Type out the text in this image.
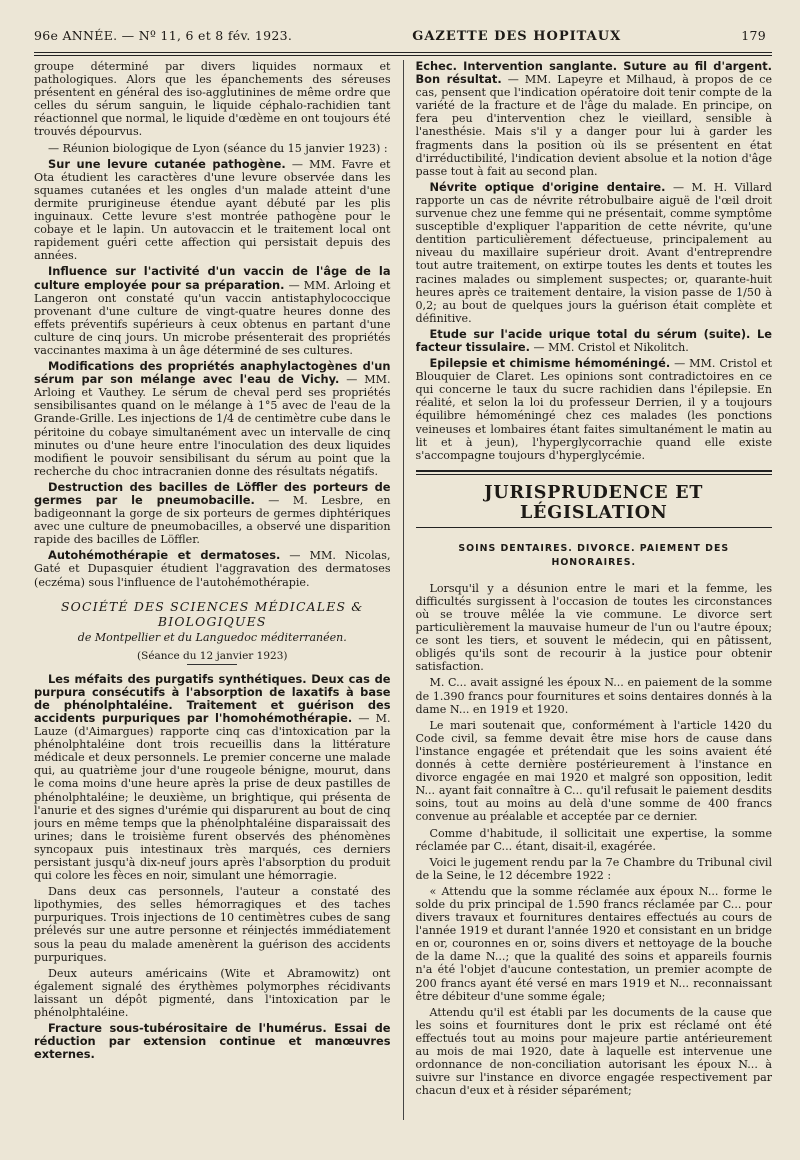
96e ANNÉE. — Nº 11, 6 et 8 fév. 1923.	GAZETTE DES HOPITAUX	179

groupe déterminé par divers liquides normaux et pathologiques. Alors que les épanchements des séreuses présentent en général des iso-agglutinines de même ordre que celles du sérum sanguin, le liquide céphalo-rachidien tant réactionnel que normal, le liquide d'œdème en ont toujours été trouvés dépourvus.

— Réunion biologique de Lyon (séance du 15 janvier 1923) :

Sur une levure cutanée pathogène. — MM. Favre et Ota étudient les caractères d'une levure observée dans les squames cutanées et les ongles d'un malade atteint d'une dermite prurigineuse étendue ayant débuté par les plis inguinaux. Cette levure s'est montrée pathogène pour le cobaye et le lapin. Un autovaccin et le traitement local ont rapidement guéri cette affection qui persistait depuis des années.

Influence sur l'activité d'un vaccin de l'âge de la culture employée pour sa préparation. — MM. Arloing et Langeron ont constaté qu'un vaccin antistaphylococcique provenant d'une culture de vingt-quatre heures donne des effets préventifs supérieurs à ceux obtenus en partant d'une culture de cinq jours. Un microbe présenterait des propriétés vaccinantes maxima à un âge déterminé de ses cultures.

Modifications des propriétés anaphylactogènes d'un sérum par son mélange avec l'eau de Vichy. — MM. Arloing et Vauthey. Le sérum de cheval perd ses propriétés sensibilisantes quand on le mélange à 1°5 avec de l'eau de la Grande-Grille. Les injections de 1/4 de centimètre cube dans le péritoine du cobaye simultanément avec un intervalle de cinq minutes ou d'une heure entre l'inoculation des deux liquides modifient le pouvoir sensibilisant du sérum au point que la recherche du choc intracranien donne des résultats négatifs.

Destruction des bacilles de Löffler des porteurs de germes par le pneumobacille. — M. Lesbre, en badigeonnant la gorge de six porteurs de germes diphtériques avec une culture de pneumobacilles, a observé une disparition rapide des bacilles de Löffler.

Autohémothérapie et dermatoses. — MM. Nicolas, Gaté et Dupasquier étudient l'aggravation des dermatoses (eczéma) sous l'influence de l'autohémothérapie.

SOCIÉTÉ DES SCIENCES MÉDICALES & BIOLOGIQUES
de Montpellier et du Languedoc méditerranéen.
(Séance du 12 janvier 1923)

Les méfaits des purgatifs synthétiques. Deux cas de purpura consécutifs à l'absorption de laxatifs à base de phénolphtaléine. Traitement et guérison des accidents purpuriques par l'homohémothérapie. — M. Lauze (d'Aimargues) rapporte cinq cas d'intoxication par la phénolphtaléine dont trois recueillis dans la littérature médicale et deux personnels. Le premier concerne une malade qui, au quatrième jour d'une rougeole bénigne, mourut, dans le coma moins d'une heure après la prise de deux pastilles de phénolphtaléine; le deuxième, un brightique, qui présenta de l'anurie et des signes d'urémie qui disparurent au bout de cinq jours en même temps que la phénolphtaléine disparaissait des urines; dans le troisième furent observés des phénomènes syncopaux puis intestinaux très marqués, ces derniers persistant jusqu'à dix-neuf jours après l'absorption du produit qui colore les fèces en noir, simulant une hémorragie.

Dans deux cas personnels, l'auteur a constaté des lipothymies, des selles hémorragiques et des taches purpuriques. Trois injections de 10 centimètres cubes de sang prélevés sur une autre personne et réinjectés immédiatement sous la peau du malade amenèrent la guérison des accidents purpuriques.

Deux auteurs américains (Wite et Abramowitz) ont également signalé des érythèmes polymorphes récidivants laissant un dépôt pigmenté, dans l'intoxication par le phénolphtaléine.

Fracture sous-tubérositaire de l'humérus. Essai de réduction par extension continue et manœuvres externes.

Echec. Intervention sanglante. Suture au fil d'argent. Bon résultat. — MM. Lapeyre et Milhaud, à propos de ce cas, pensent que l'indication opératoire doit tenir compte de la variété de la fracture et de l'âge du malade. En principe, on fera peu d'intervention chez le vieillard, sensible à l'anesthésie. Mais s'il y a danger pour lui à garder les fragments dans la position où ils se présentent en état d'irréductibilité, l'indication devient absolue et la notion d'âge passe tout à fait au second plan.

Névrite optique d'origine dentaire. — M. H. Villard rapporte un cas de névrite rétrobulbaire aiguë de l'œil droit survenue chez une femme qui ne présentait, comme symptôme susceptible d'expliquer l'apparition de cette névrite, qu'une dentition particulièrement défectueuse, principalement au niveau du maxillaire supérieur droit. Avant d'entreprendre tout autre traitement, on extirpe toutes les dents et toutes les racines malades ou simplement suspectes; or, quarante-huit heures après ce traitement dentaire, la vision passe de 1/50 à 0,2; au bout de quelques jours la guérison était complète et définitive.

Etude sur l'acide urique total du sérum (suite). Le facteur tissulaire. — MM. Cristol et Nikolitch.

Epilepsie et chimisme hémoméningé. — MM. Cristol et Blouquier de Claret. Les opinions sont contradictoires en ce qui concerne le taux du sucre rachidien dans l'épilepsie. En réalité, et selon la loi du professeur Derrien, il y a toujours équilibre hémoméningé chez ces malades (les ponctions veineuses et lombaires étant faites simultanément le matin au lit et à jeun), l'hyperglycorrachie quand elle existe s'accompagne toujours d'hyperglycémie.

JURISPRUDENCE ET LÉGISLATION
SOINS DENTAIRES. DIVORCE. PAIEMENT DES HONORAIRES.

Lorsqu'il y a désunion entre le mari et la femme, les difficultés surgissent à l'occasion de toutes les circonstances où se trouve mêlée la vie commune. Le divorce sert particulièrement la mauvaise humeur de l'un ou l'autre époux; ce sont les tiers, et souvent le médecin, qui en pâtissent, obligés qu'ils sont de recourir à la justice pour obtenir satisfaction.

M. C... avait assigné les époux N... en paiement de la somme de 1.390 francs pour fournitures et soins dentaires donnés à la dame N... en 1919 et 1920.

Le mari soutenait que, conformément à l'article 1420 du Code civil, sa femme devait être mise hors de cause dans l'instance engagée et prétendait que les soins avaient été donnés à cette dernière postérieurement à l'instance en divorce engagée en mai 1920 et malgré son opposition, ledit N... ayant fait connaître à C... qu'il refusait le paiement desdits soins, tout au moins au delà d'une somme de 400 francs convenue au préalable et acceptée par ce dernier.

Comme d'habitude, il sollicitait une expertise, la somme réclamée par C... étant, disait-il, exagérée.

Voici le jugement rendu par la 7e Chambre du Tribunal civil de la Seine, le 12 décembre 1922 :

« Attendu que la somme réclamée aux époux N... forme le solde du prix principal de 1.590 francs réclamée par C... pour divers travaux et fournitures dentaires effectués au cours de l'année 1919 et durant l'année 1920 et consistant en un bridge en or, couronnes en or, soins divers et nettoyage de la bouche de la dame N...; que la qualité des soins et appareils fournis n'a été l'objet d'aucune contestation, un premier acompte de 200 francs ayant été versé en mars 1919 et N... reconnaissant être débiteur d'une somme égale;

Attendu qu'il est établi par les documents de la cause que les soins et fournitures dont le prix est réclamé ont été effectués tout au moins pour majeure partie antérieurement au mois de mai 1920, date à laquelle est intervenue une ordonnance de non-conciliation autorisant les époux N... à suivre sur l'instance en divorce engagée respectivement par chacun d'eux et à résider séparément;
